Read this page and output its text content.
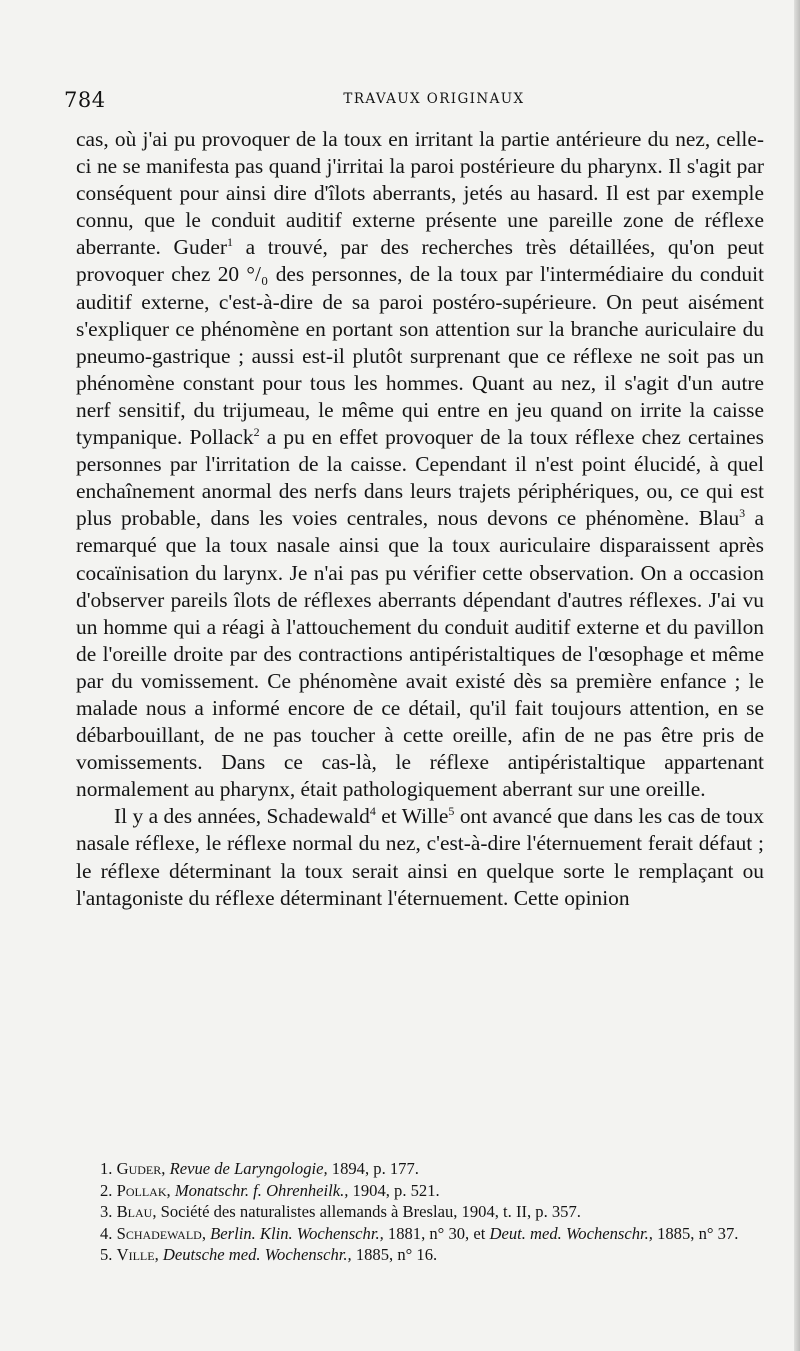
784	TRAVAUX ORIGINAUX

cas, où j'ai pu provoquer de la toux en irritant la partie antérieure du nez, celle-ci ne se manifesta pas quand j'irritai la paroi postérieure du pharynx. Il s'agit par conséquent pour ainsi dire d'îlots aberrants, jetés au hasard. Il est par exemple connu, que le conduit auditif externe présente une pareille zone de réflexe aberrante. Guder$^1$ a trouvé, par des recherches très détaillées, qu'on peut provoquer chez 20 °/₀ des personnes, de la toux par l'intermédiaire du conduit auditif externe, c'est-à-dire de sa paroi postéro-supérieure. On peut aisément s'expliquer ce phénomène en portant son attention sur la branche auriculaire du pneumo-gastrique ; aussi est-il plutôt surprenant que ce réflexe ne soit pas un phénomène constant pour tous les hommes. Quant au nez, il s'agit d'un autre nerf sensitif, du trijumeau, le même qui entre en jeu quand on irrite la caisse tympanique. Pollack$^2$ a pu en effet provoquer de la toux réflexe chez certaines personnes par l'irritation de la caisse. Cependant il n'est point élucidé, à quel enchaînement anormal des nerfs dans leurs trajets périphériques, ou, ce qui est plus probable, dans les voies centrales, nous devons ce phénomène. Blau$^3$ a remarqué que la toux nasale ainsi que la toux auriculaire disparaissent après cocaïnisation du larynx. Je n'ai pas pu vérifier cette observation. On a occasion d'observer pareils îlots de réflexes aberrants dépendant d'autres réflexes. J'ai vu un homme qui a réagi à l'attouchement du conduit auditif externe et du pavillon de l'oreille droite par des contractions antipéristaltiques de l'œsophage et même par du vomissement. Ce phénomène avait existé dès sa première enfance ; le malade nous a informé encore de ce détail, qu'il fait toujours attention, en se débarbouillant, de ne pas toucher à cette oreille, afin de ne pas être pris de vomissements. Dans ce cas-là, le réflexe antipéristaltique appartenant normalement au pharynx, était pathologiquement aberrant sur une oreille.

Il y a des années, Schadewald$^4$ et Wille$^5$ ont avancé que dans les cas de toux nasale réflexe, le réflexe normal du nez, c'est-à-dire l'éternuement ferait défaut ; le réflexe déterminant la toux serait ainsi en quelque sorte le remplaçant ou l'antagoniste du réflexe déterminant l'éternuement. Cette opinion

1. Guder, Revue de Laryngologie, 1894, p. 177.

2. Pollak, Monatschr. f. Ohrenheilk., 1904, p. 521.

3. Blau, Société des naturalistes allemands à Breslau, 1904, t. II, p. 357.

4. Schadewald, Berlin. Klin. Wochenschr., 1881, n° 30, et Deut. med. Wochenschr., 1885, n° 37.

5. Ville, Deutsche med. Wochenschr., 1885, n° 16.
